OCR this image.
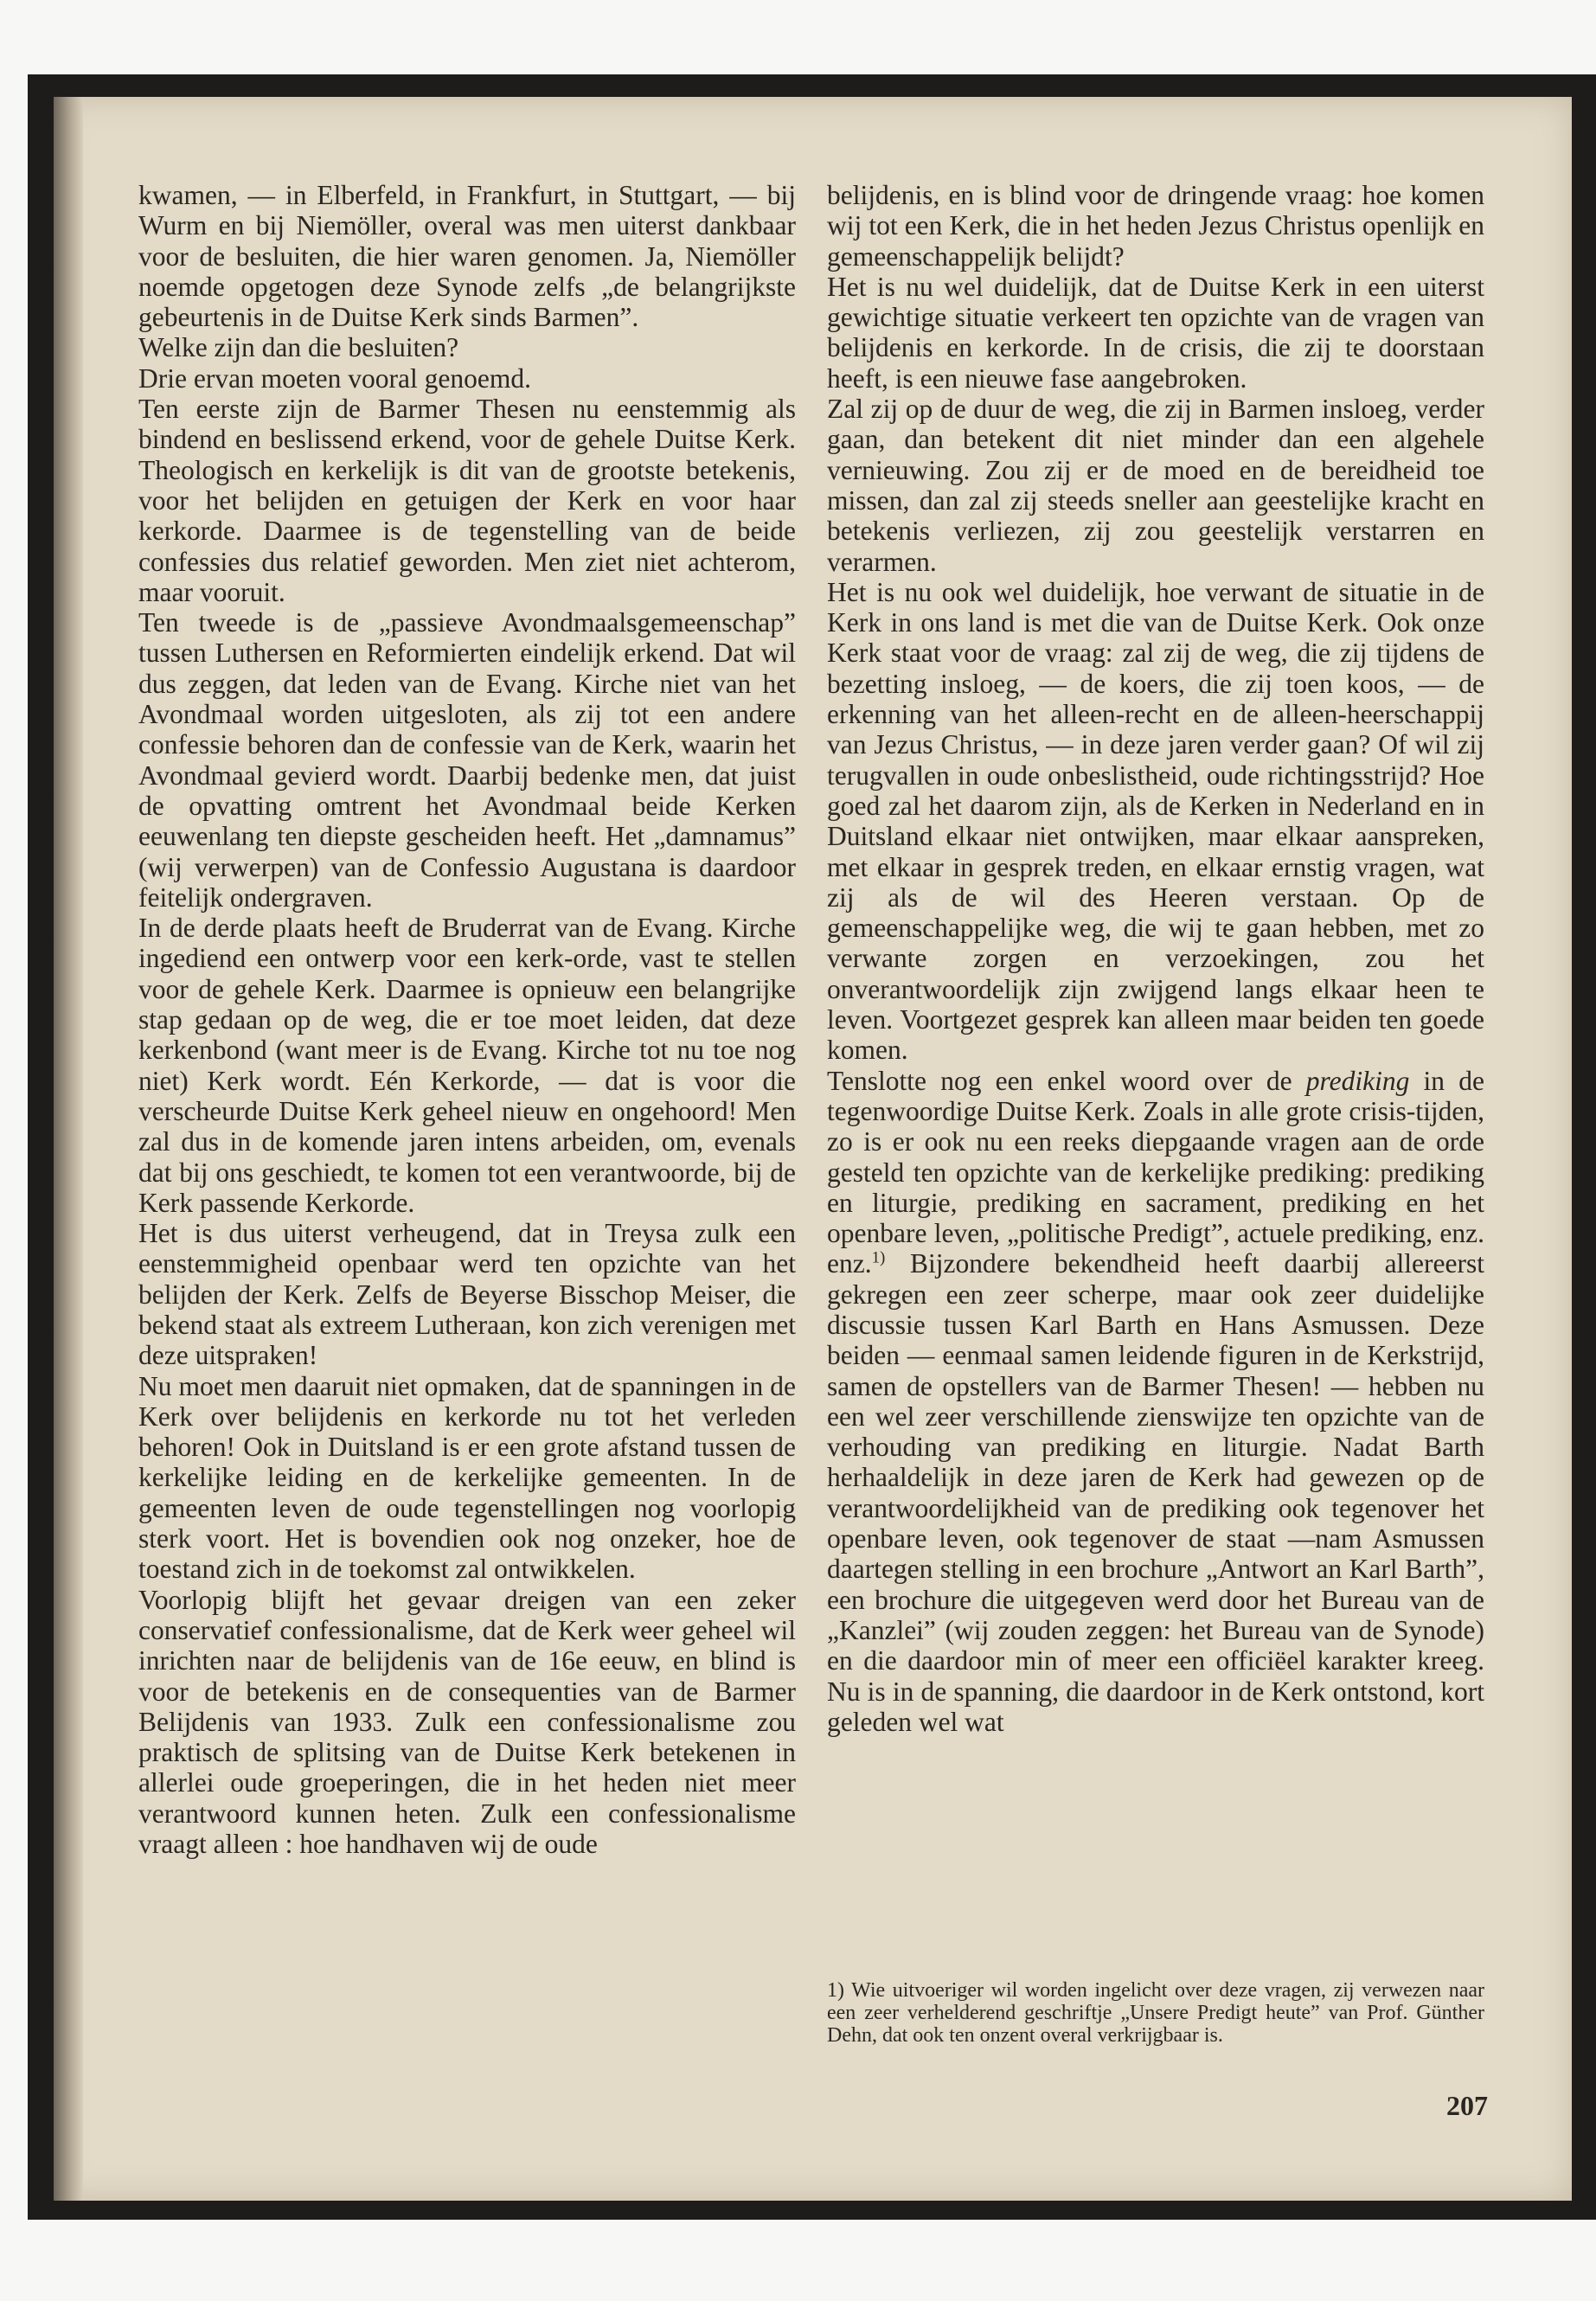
kwamen, — in Elberfeld, in Frankfurt, in Stuttgart, — bij Wurm en bij Niemöller, overal was men uiterst dankbaar voor de besluiten, die hier waren genomen. Ja, Niemöller noemde opgetogen deze Synode zelfs „de belangrijkste gebeurtenis in de Duitse Kerk sinds Barmen”.

Welke zijn dan die besluiten?

Drie ervan moeten vooral genoemd.

Ten eerste zijn de Barmer Thesen nu eenstemmig als bindend en beslissend erkend, voor de gehele Duitse Kerk. Theologisch en kerkelijk is dit van de grootste betekenis, voor het belijden en getuigen der Kerk en voor haar kerkorde. Daarmee is de tegenstelling van de beide confessies dus relatief geworden. Men ziet niet achterom, maar vooruit.

Ten tweede is de „passieve Avondmaalsgemeenschap” tussen Luthersen en Reformierten eindelijk erkend. Dat wil dus zeggen, dat leden van de Evang. Kirche niet van het Avondmaal worden uitgesloten, als zij tot een andere confessie behoren dan de confessie van de Kerk, waarin het Avondmaal gevierd wordt. Daarbij bedenke men, dat juist de opvatting omtrent het Avondmaal beide Kerken eeuwenlang ten diepste gescheiden heeft. Het „damnamus” (wij verwerpen) van de Confessio Augustana is daardoor feitelijk ondergraven.

In de derde plaats heeft de Bruderrat van de Evang. Kirche ingediend een ontwerp voor een kerk-orde, vast te stellen voor de gehele Kerk. Daarmee is opnieuw een belangrijke stap gedaan op de weg, die er toe moet leiden, dat deze kerkenbond (want meer is de Evang. Kirche tot nu toe nog niet) Kerk wordt. Eén Kerkorde, — dat is voor die verscheurde Duitse Kerk geheel nieuw en ongehoord! Men zal dus in de komende jaren intens arbeiden, om, evenals dat bij ons geschiedt, te komen tot een verantwoorde, bij de Kerk passende Kerkorde.

Het is dus uiterst verheugend, dat in Treysa zulk een eenstemmigheid openbaar werd ten opzichte van het belijden der Kerk. Zelfs de Beyerse Bisschop Meiser, die bekend staat als extreem Lutheraan, kon zich verenigen met deze uitspraken!

Nu moet men daaruit niet opmaken, dat de spanningen in de Kerk over belijdenis en kerkorde nu tot het verleden behoren! Ook in Duitsland is er een grote afstand tussen de kerkelijke leiding en de kerkelijke gemeenten. In de gemeenten leven de oude tegenstellingen nog voorlopig sterk voort. Het is bovendien ook nog onzeker, hoe de toestand zich in de toekomst zal ontwikkelen.

Voorlopig blijft het gevaar dreigen van een zeker conservatief confessionalisme, dat de Kerk weer geheel wil inrichten naar de belijdenis van de 16e eeuw, en blind is voor de betekenis en de consequenties van de Barmer Belijdenis van 1933. Zulk een confessionalisme zou praktisch de splitsing van de Duitse Kerk betekenen in allerlei oude groeperingen, die in het heden niet meer verantwoord kunnen heten. Zulk een confessionalisme vraagt alleen : hoe handhaven wij de oude

belijdenis, en is blind voor de dringende vraag: hoe komen wij tot een Kerk, die in het heden Jezus Christus openlijk en gemeenschappelijk belijdt?

Het is nu wel duidelijk, dat de Duitse Kerk in een uiterst gewichtige situatie verkeert ten opzichte van de vragen van belijdenis en kerkorde. In de crisis, die zij te doorstaan heeft, is een nieuwe fase aangebroken.

Zal zij op de duur de weg, die zij in Barmen insloeg, verder gaan, dan betekent dit niet minder dan een algehele vernieuwing. Zou zij er de moed en de bereidheid toe missen, dan zal zij steeds sneller aan geestelijke kracht en betekenis verliezen, zij zou geestelijk verstarren en verarmen.

Het is nu ook wel duidelijk, hoe verwant de situatie in de Kerk in ons land is met die van de Duitse Kerk. Ook onze Kerk staat voor de vraag: zal zij de weg, die zij tijdens de bezetting insloeg, — de koers, die zij toen koos, — de erkenning van het alleen-recht en de alleen-heerschappij van Jezus Christus, — in deze jaren verder gaan? Of wil zij terugvallen in oude onbeslistheid, oude richtingsstrijd? Hoe goed zal het daarom zijn, als de Kerken in Nederland en in Duitsland elkaar niet ontwijken, maar elkaar aanspreken, met elkaar in gesprek treden, en elkaar ernstig vragen, wat zij als de wil des Heeren verstaan. Op de gemeenschappelijke weg, die wij te gaan hebben, met zo verwante zorgen en verzoekingen, zou het onverantwoordelijk zijn zwijgend langs elkaar heen te leven. Voortgezet gesprek kan alleen maar beiden ten goede komen.

Tenslotte nog een enkel woord over de prediking in de tegenwoordige Duitse Kerk. Zoals in alle grote crisis-tijden, zo is er ook nu een reeks diepgaande vragen aan de orde gesteld ten opzichte van de kerkelijke prediking: prediking en liturgie, prediking en sacrament, prediking en het openbare leven, „politische Predigt”, actuele prediking, enz. enz.$^{1)}$ Bijzondere bekendheid heeft daarbij allereerst gekregen een zeer scherpe, maar ook zeer duidelijke discussie tussen Karl Barth en Hans Asmussen. Deze beiden — eenmaal samen leidende figuren in de Kerkstrijd, samen de opstellers van de Barmer Thesen! — hebben nu een wel zeer verschillende zienswijze ten opzichte van de verhouding van prediking en liturgie. Nadat Barth herhaaldelijk in deze jaren de Kerk had gewezen op de verantwoordelijkheid van de prediking ook tegenover het openbare leven, ook tegenover de staat —nam Asmussen daartegen stelling in een brochure „Antwort an Karl Barth”, een brochure die uitgegeven werd door het Bureau van de „Kanzlei” (wij zouden zeggen: het Bureau van de Synode) en die daardoor min of meer een officiëel karakter kreeg. Nu is in de spanning, die daardoor in de Kerk ontstond, kort geleden wel wat

1) Wie uitvoeriger wil worden ingelicht over deze vragen, zij verwezen naar een zeer verhelderend geschriftje „Unsere Predigt heute” van Prof. Günther Dehn, dat ook ten onzent overal verkrijgbaar is.
207
